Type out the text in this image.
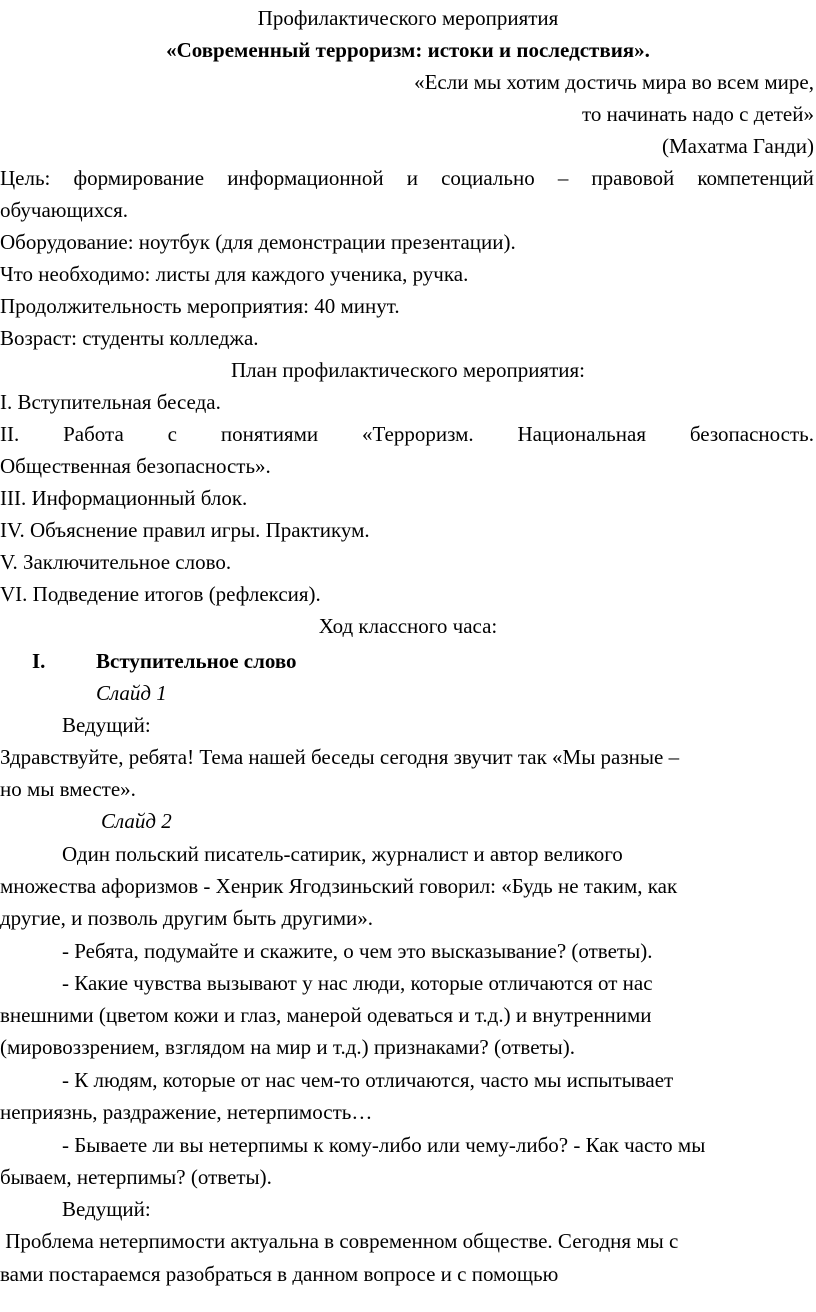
Профилактического мероприятия
«Современный терроризм: истоки и последствия».
«Если мы хотим достичь мира во всем мире,
то начинать надо с детей»
(Махатма Ганди)
Цель: формирование информационной и социально – правовой компетенций
обучающихся.
Оборудование: ноутбук (для демонстрации презентации).
Что необходимо: листы для каждого ученика, ручка.
Продолжительность мероприятия: 40 минут.
Возраст: студенты колледжа.
План профилактического мероприятия:
I. Вступительная беседа.
II. Работа с понятиями «Терроризм. Национальная безопасность.
Общественная безопасность».
III. Информационный блок.
IV. Объяснение правил игры. Практикум.
V. Заключительное слово.
VI. Подведение итогов (рефлексия).
Ход классного часа:
I. Вступительное слово
Слайд 1
Ведущий:
Здравствуйте, ребята! Тема нашей беседы сегодня звучит так «Мы разные –
но мы вместе».
Слайд 2
Один польский писатель-сатирик, журналист и автор великого
множества афоризмов - Хенрик Ягодзиньский говорил: «Будь не таким, как
другие, и позволь другим быть другими».
- Ребята, подумайте и скажите, о чем это высказывание? (ответы).
- Какие чувства вызывают у нас люди, которые отличаются от нас
внешними (цветом кожи и глаз, манерой одеваться и т.д.) и внутренними
(мировоззрением, взглядом на мир и т.д.) признаками? (ответы).
- К людям, которые от нас чем-то отличаются, часто мы испытывает
неприязнь, раздражение, нетерпимость…
- Бываете ли вы нетерпимы к кому-либо или чему-либо? - Как часто мы
бываем, нетерпимы? (ответы).
Ведущий:
Проблема нетерпимости актуальна в современном обществе. Сегодня мы с
вами постараемся разобраться в данном вопросе и с помощью
